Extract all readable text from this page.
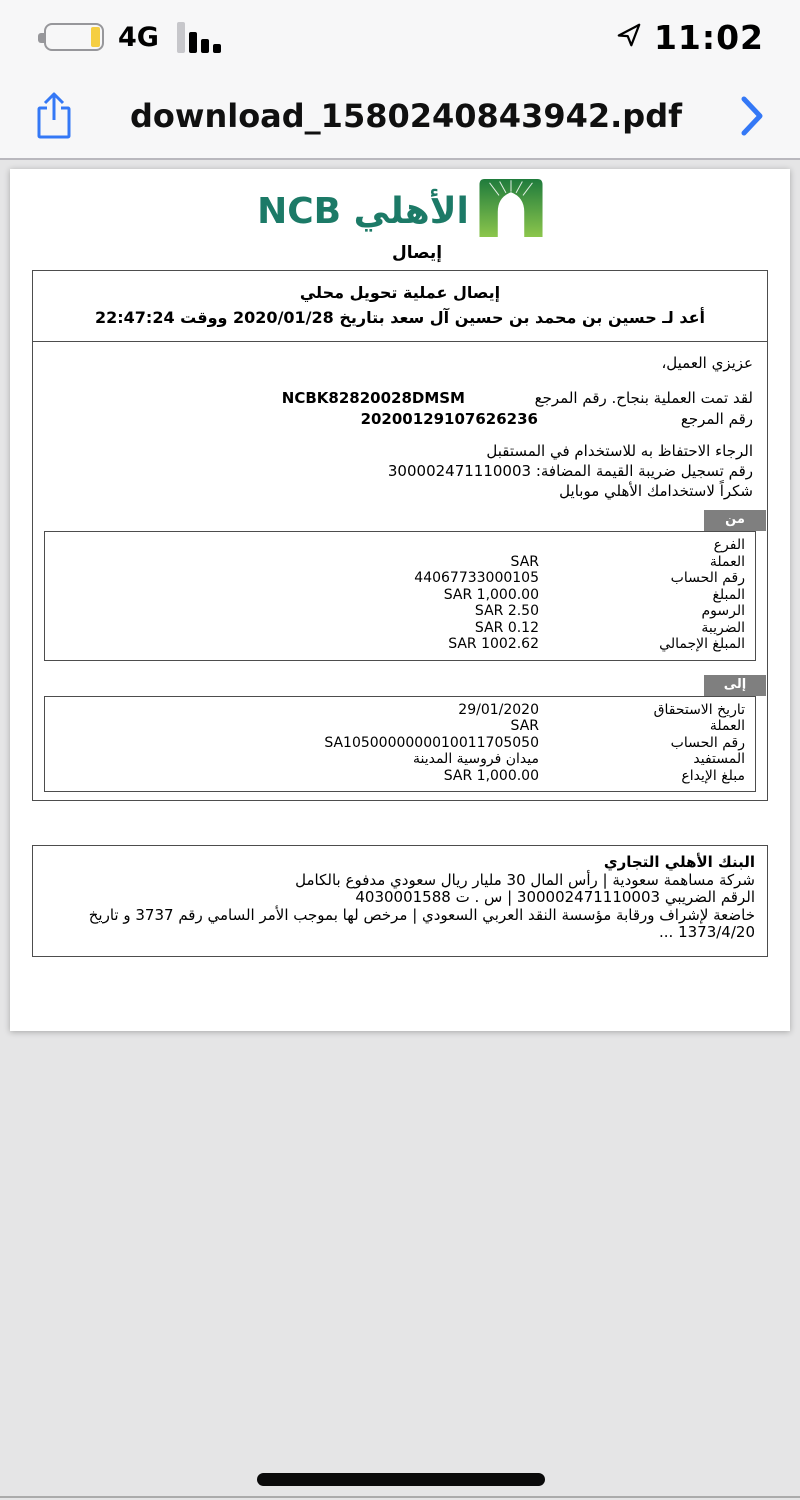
4G	11:02
download_1580240843942.pdf
NCB الأهلي
إيصال
إيصال عملية تحويل محلي
أعد لـ حسين بن محمد بن حسين آل سعد بتاريخ 2020/01/28 ووقت 22:47:24
عزيزي العميل،
لقد تمت العملية بنجاح. رقم المرجع
NCBK82820028DMSM
رقم المرجع
20200129107626236
الرجاء الاحتفاظ به للاستخدام في المستقبل
رقم تسجيل ضريبة القيمة المضافة: 300002471110003
شكراً لاستخدامك الأهلي موبايل
من
الفرع
العملة
SAR
رقم الحساب
44067733000105
المبلغ
1,000.00 SAR
الرسوم
2.50 SAR
الضريبة
0.12 SAR
المبلغ الإجمالي
1002.62 SAR
إلى
تاريخ الاستحقاق
29/01/2020
العملة
SAR
رقم الحساب
SA1050000000010011705050
المستفيد
ميدان فروسية المدينة
مبلغ الإيداع
1,000.00 SAR
البنك الأهلي التجاري
شركة مساهمة سعودية | رأس المال 30 مليار ريال سعودي مدفوع بالكامل
الرقم الضريبي 300002471110003 | س . ت 4030001588
خاضعة لإشراف ورقابة مؤسسة النقد العربي السعودي | مرخص لها بموجب الأمر السامي رقم 3737 و تاريخ 1373/4/20 ...
